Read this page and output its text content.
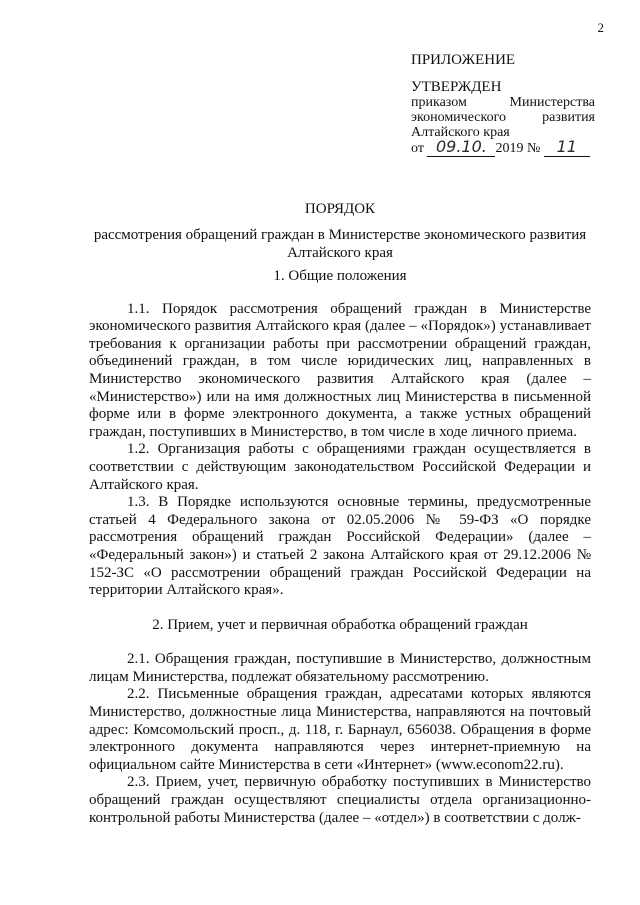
2

ПРИЛОЖЕНИЕ

УТВЕРЖДЕН

приказом Министерства
экономического развития
Алтайского края
от 09.10. 2019 № 11
ПОРЯДОК
рассмотрения обращений граждан в Министерстве экономического развития Алтайского края

1. Общие положения

1.1. Порядок рассмотрения обращений граждан в Министерстве экономического развития Алтайского края (далее – «Порядок») устанавливает требования к организации работы при рассмотрении обращений граждан, объединений граждан, в том числе юридических лиц, направленных в Министерство экономического развития Алтайского края (далее – «Министерство») или на имя должностных лиц Министерства в письменной форме или в форме электронного документа, а также устных обращений граждан, поступивших в Министерство, в том числе в ходе личного приема.

1.2. Организация работы с обращениями граждан осуществляется в соответствии с действующим законодательством Российской Федерации и Алтайского края.

1.3. В Порядке используются основные термины, предусмотренные статьей 4 Федерального закона от 02.05.2006 № 59-ФЗ «О порядке рассмотрения обращений граждан Российской Федерации» (далее – «Федеральный закон») и статьей 2 закона Алтайского края от 29.12.2006 № 152-ЗС «О рассмотрении обращений граждан Российской Федерации на территории Алтайского края».

2. Прием, учет и первичная обработка обращений граждан

2.1. Обращения граждан, поступившие в Министерство, должностным лицам Министерства, подлежат обязательному рассмотрению.

2.2. Письменные обращения граждан, адресатами которых являются Министерство, должностные лица Министерства, направляются на почтовый адрес: Комсомольский просп., д. 118, г. Барнаул, 656038. Обращения в форме электронного документа направляются через интернет-приемную на официальном сайте Министерства в сети «Интернет» (www.econom22.ru).

2.3. Прием, учет, первичную обработку поступивших в Министерство обращений граждан осуществляют специалисты отдела организационно-контрольной работы Министерства (далее – «отдел») в соответствии с долж-
